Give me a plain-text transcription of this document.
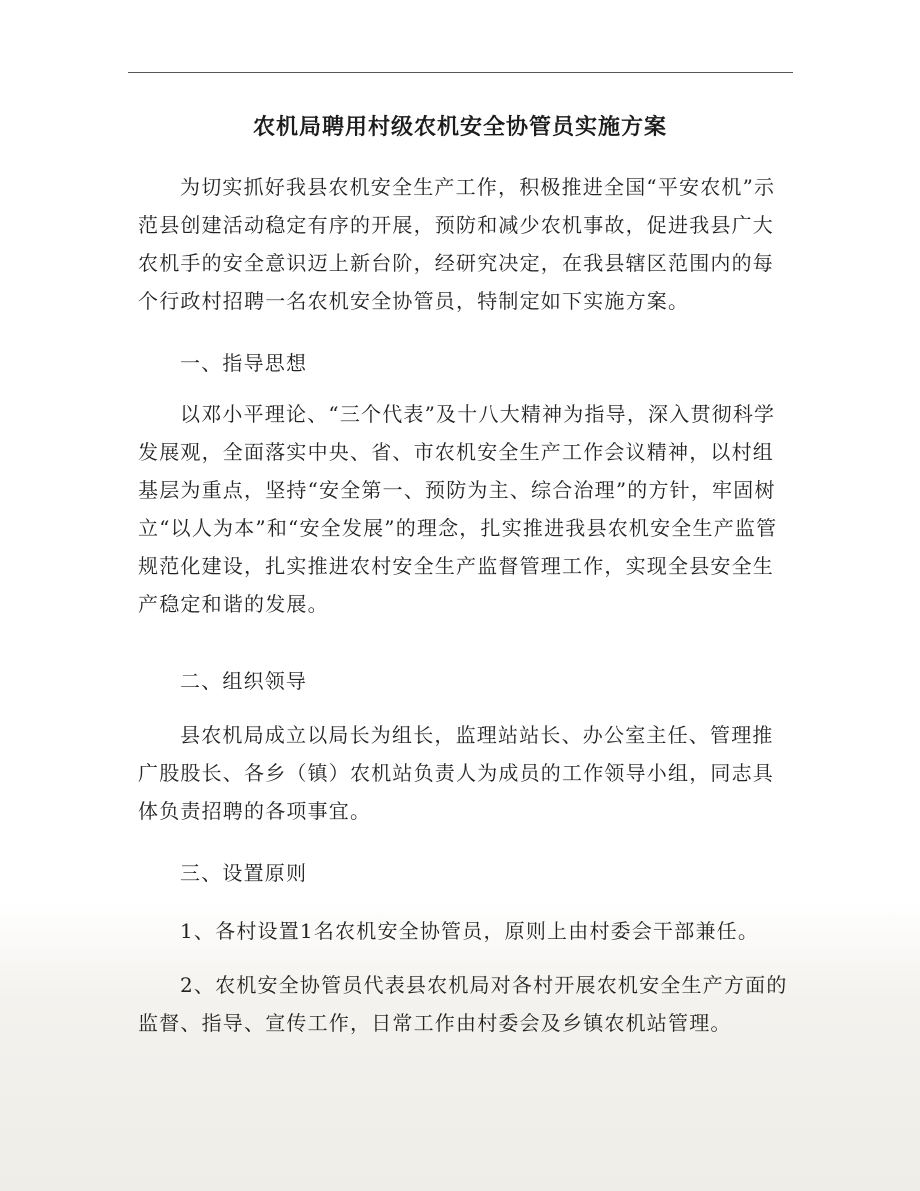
农机局聘用村级农机安全协管员实施方案

为切实抓好我县农机安全生产工作，积极推进全国“平安农机”示范县创建活动稳定有序的开展，预防和减少农机事故，促进我县广大农机手的安全意识迈上新台阶，经研究决定，在我县辖区范围内的每个行政村招聘一名农机安全协管员，特制定如下实施方案。

一、指导思想

以邓小平理论、“三个代表”及十八大精神为指导，深入贯彻科学发展观，全面落实中央、省、市农机安全生产工作会议精神，以村组基层为重点，坚持“安全第一、预防为主、综合治理”的方针，牢固树立“以人为本”和“安全发展”的理念，扎实推进我县农机安全生产监管规范化建设，扎实推进农村安全生产监督管理工作，实现全县安全生产稳定和谐的发展。

二、组织领导

县农机局成立以局长为组长，监理站站长、办公室主任、管理推广股股长、各乡（镇）农机站负责人为成员的工作领导小组，同志具体负责招聘的各项事宜。

三、设置原则

1、各村设置1名农机安全协管员，原则上由村委会干部兼任。

2、农机安全协管员代表县农机局对各村开展农机安全生产方面的监督、指导、宣传工作，日常工作由村委会及乡镇农机站管理。
